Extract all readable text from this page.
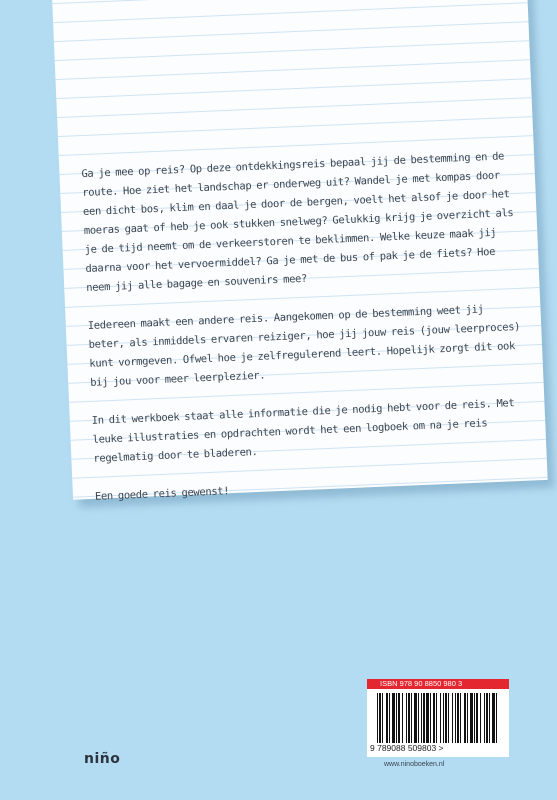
Ga je mee op reis? Op deze ontdekkingsreis bepaal jij de bestemming en de route. Hoe ziet het landschap er onderweg uit? Wandel je met kompas door een dicht bos, klim en daal je door de bergen, voelt het alsof je door het moeras gaat of heb je ook stukken snelweg? Gelukkig krijg je overzicht als je de tijd neemt om de verkeerstoren te beklimmen. Welke keuze maak jij daarna voor het vervoermiddel? Ga je met de bus of pak je de fiets? Hoe neem jij alle bagage en souvenirs mee?

Iedereen maakt een andere reis. Aangekomen op de bestemming weet jij beter, als inmiddels ervaren reiziger, hoe jij jouw reis (jouw leerproces) kunt vormgeven. Ofwel hoe je zelfregulerend leert. Hopelijk zorgt dit ook bij jou voor meer leerplezier.

In dit werkboek staat alle informatie die je nodig hebt voor de reis. Met leuke illustraties en opdrachten wordt het een logboek om na je reis regelmatig door te bladeren.

Een goede reis gewenst!

niño
ISBN 978 90 8850 980 3
9 789088 509803 >
www.ninoboeken.nl
